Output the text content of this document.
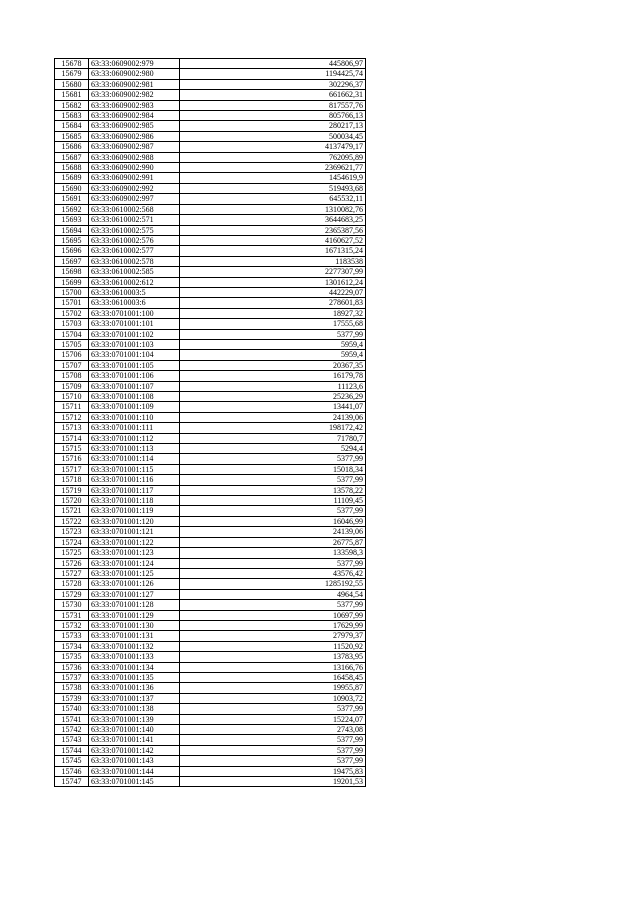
15678	63:33:0609002:979	445806,97
15679	63:33:0609002:980	1194425,74
15680	63:33:0609002:981	302296,37
15681	63:33:0609002:982	661662,31
15682	63:33:0609002:983	817557,76
15683	63:33:0609002:984	805766,13
15684	63:33:0609002:985	280217,13
15685	63:33:0609002:986	500034,45
15686	63:33:0609002:987	4137479,17
15687	63:33:0609002:988	762095,89
15688	63:33:0609002:990	2369621,77
15689	63:33:0609002:991	1454619,9
15690	63:33:0609002:992	519493,68
15691	63:33:0609002:997	645532,11
15692	63:33:0610002:568	1310082,76
15693	63:33:0610002:571	3644683,25
15694	63:33:0610002:575	2365387,56
15695	63:33:0610002:576	4160627,52
15696	63:33:0610002:577	1671315,24
15697	63:33:0610002:578	1183538
15698	63:33:0610002:585	2277307,99
15699	63:33:0610002:612	1301612,24
15700	63:33:0610003:5	442229,07
15701	63:33:0610003:6	278601,83
15702	63:33:0701001:100	18927,32
15703	63:33:0701001:101	17555,68
15704	63:33:0701001:102	5377,99
15705	63:33:0701001:103	5959,4
15706	63:33:0701001:104	5959,4
15707	63:33:0701001:105	20367,35
15708	63:33:0701001:106	16179,78
15709	63:33:0701001:107	11123,6
15710	63:33:0701001:108	25236,29
15711	63:33:0701001:109	13441,07
15712	63:33:0701001:110	24139,06
15713	63:33:0701001:111	198172,42
15714	63:33:0701001:112	71780,7
15715	63:33:0701001:113	5294,4
15716	63:33:0701001:114	5377,99
15717	63:33:0701001:115	15018,34
15718	63:33:0701001:116	5377,99
15719	63:33:0701001:117	13578,22
15720	63:33:0701001:118	11109,45
15721	63:33:0701001:119	5377,99
15722	63:33:0701001:120	16046,99
15723	63:33:0701001:121	24139,06
15724	63:33:0701001:122	26775,87
15725	63:33:0701001:123	133598,3
15726	63:33:0701001:124	5377,99
15727	63:33:0701001:125	43576,42
15728	63:33:0701001:126	1285192,55
15729	63:33:0701001:127	4964,54
15730	63:33:0701001:128	5377,99
15731	63:33:0701001:129	10697,99
15732	63:33:0701001:130	17629,99
15733	63:33:0701001:131	27979,37
15734	63:33:0701001:132	11520,92
15735	63:33:0701001:133	13783,95
15736	63:33:0701001:134	13166,76
15737	63:33:0701001:135	16458,45
15738	63:33:0701001:136	19955,87
15739	63:33:0701001:137	10903,72
15740	63:33:0701001:138	5377,99
15741	63:33:0701001:139	15224,07
15742	63:33:0701001:140	2743,08
15743	63:33:0701001:141	5377,99
15744	63:33:0701001:142	5377,99
15745	63:33:0701001:143	5377,99
15746	63:33:0701001:144	19475,83
15747	63:33:0701001:145	19201,53
